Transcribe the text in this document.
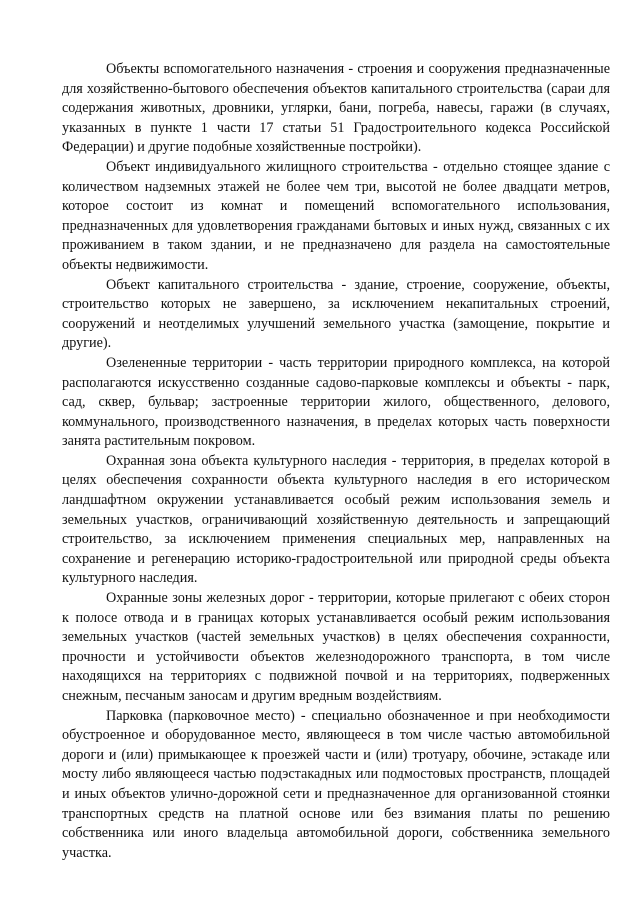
Объекты вспомогательного назначения - строения и сооружения предназначенные для хозяйственно-бытового обеспечения объектов капитального строительства (сараи для содержания животных, дровники, углярки, бани, погреба, навесы, гаражи (в случаях, указанных в пункте 1 части 17 статьи 51 Градостроительного кодекса Российской Федерации) и другие подобные хозяйственные постройки).

Объект индивидуального жилищного строительства - отдельно стоящее здание с количеством надземных этажей не более чем три, высотой не более двадцати метров, которое состоит из комнат и помещений вспомогательного использования, предназначенных для удовлетворения гражданами бытовых и иных нужд, связанных с их проживанием в таком здании, и не предназначено для раздела на самостоятельные объекты недвижимости.

Объект капитального строительства - здание, строение, сооружение, объекты, строительство которых не завершено, за исключением некапитальных строений, сооружений и неотделимых улучшений земельного участка (замощение, покрытие и другие).

Озелененные территории - часть территории природного комплекса, на которой располагаются искусственно созданные садово-парковые комплексы и объекты - парк, сад, сквер, бульвар; застроенные территории жилого, общественного, делового, коммунального, производственного назначения, в пределах которых часть поверхности занята растительным покровом.

Охранная зона объекта культурного наследия - территория, в пределах которой в целях обеспечения сохранности объекта культурного наследия в его историческом ландшафтном окружении устанавливается особый режим использования земель и земельных участков, ограничивающий хозяйственную деятельность и запрещающий строительство, за исключением применения специальных мер, направленных на сохранение и регенерацию историко-градостроительной или природной среды объекта культурного наследия.

Охранные зоны железных дорог - территории, которые прилегают с обеих сторон к полосе отвода и в границах которых устанавливается особый режим использования земельных участков (частей земельных участков) в целях обеспечения сохранности, прочности и устойчивости объектов железнодорожного транспорта, в том числе находящихся на территориях с подвижной почвой и на территориях, подверженных снежным, песчаным заносам и другим вредным воздействиям.

Парковка (парковочное место) - специально обозначенное и при необходимости обустроенное и оборудованное место, являющееся в том числе частью автомобильной дороги и (или) примыкающее к проезжей части и (или) тротуару, обочине, эстакаде или мосту либо являющееся частью подэстакадных или подмостовых пространств, площадей и иных объектов улично-дорожной сети и предназначенное для организованной стоянки транспортных средств на платной основе или без взимания платы по решению собственника или иного владельца автомобильной дороги, собственника земельного участка.
